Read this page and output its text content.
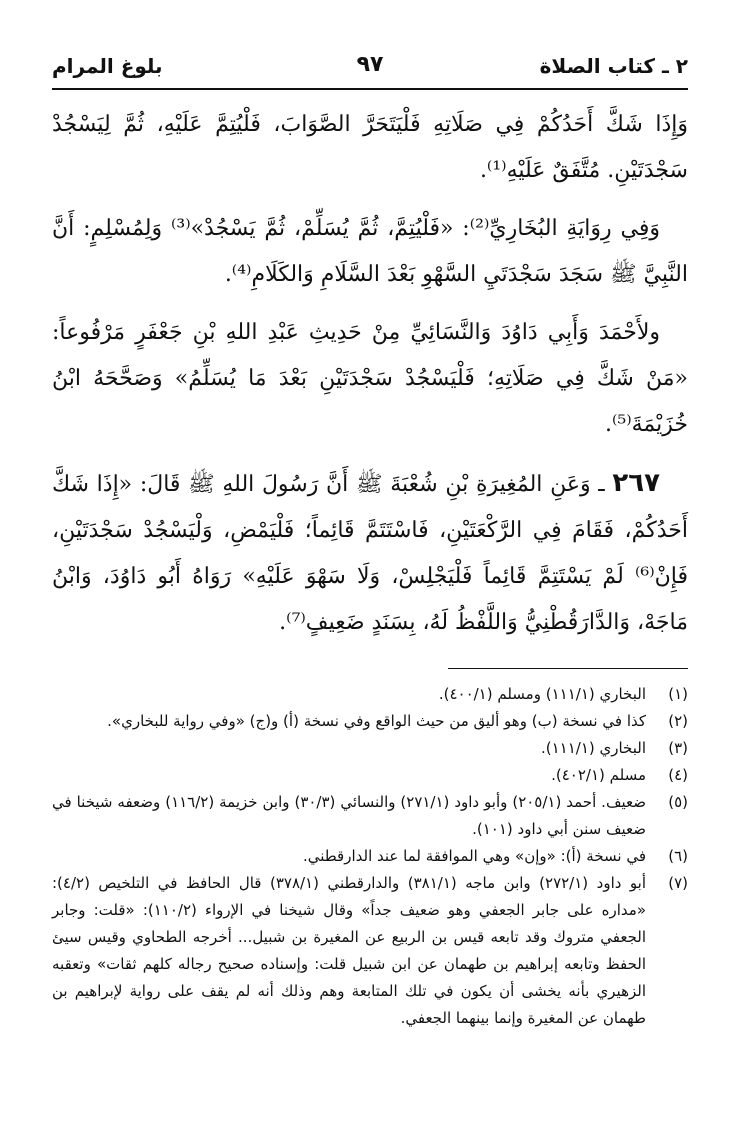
٢ ـ كتاب الصلاة
٩٧
بلوغ المرام

وَإِذَا شَكَّ أَحَدُكُمْ فِي صَلَاتِهِ فَلْيَتَحَرَّ الصَّوَابَ، فَلْيُتِمَّ عَلَيْهِ، ثُمَّ لِيَسْجُدْ سَجْدَتَيْنِ. مُتَّفَقٌ عَلَيْهِ⁽¹⁾.

وَفِي رِوَايَةِ البُخَارِيِّ⁽²⁾: «فَلْيُتِمَّ، ثُمَّ يُسَلِّمْ، ثُمَّ يَسْجُدْ»⁽³⁾ وَلِمُسْلِمٍ: أَنَّ النَّبِيَّ ﷺ سَجَدَ سَجْدَتَيِ السَّهْوِ بَعْدَ السَّلَامِ وَالكَلَامِ⁽⁴⁾.

ولأَحْمَدَ وَأَبِي دَاوُدَ وَالنَّسَائِيِّ مِنْ حَدِيثِ عَبْدِ اللهِ بْنِ جَعْفَرٍ مَرْفُوعاً: «مَنْ شَكَّ فِي صَلَاتِهِ؛ فَلْيَسْجُدْ سَجْدَتَيْنِ بَعْدَ مَا يُسَلِّمُ» وَصَحَّحَهُ ابْنُ خُزَيْمَةَ⁽⁵⁾.

٢٦٧ ـ وَعَنِ المُغِيرَةِ بْنِ شُعْبَةَ ﷺ أَنَّ رَسُولَ اللهِ ﷺ قَالَ: «إِذَا شَكَّ أَحَدُكُمْ، فَقَامَ فِي الرَّكْعَتَيْنِ، فَاسْتَتَمَّ قَائِماً؛ فَلْيَمْضِ، وَلْيَسْجُدْ سَجْدَتَيْنِ، فَإِنْ⁽⁶⁾ لَمْ يَسْتَتِمَّ قَائِماً فَلْيَجْلِسْ، وَلَا سَهْوَ عَلَيْهِ» رَوَاهُ أَبُو دَاوُدَ، وَابْنُ مَاجَهْ، وَالدَّارَقُطْنِيُّ وَاللَّفْظُ لَهُ، بِسَنَدٍ ضَعِيفٍ⁽⁷⁾.

(١)
البخاري (١١١/١) ومسلم (٤٠٠/١).
(٢)
كذا في نسخة (ب) وهو أليق من حيث الواقع وفي نسخة (أ) و(ج) «وفي رواية للبخاري».
(٣)
البخاري (١١١/١).
(٤)
مسلم (٤٠٢/١).
(٥)
ضعيف. أحمد (٢٠٥/١) وأبو داود (٢٧١/١) والنسائي (٣٠/٣) وابن خزيمة (١١٦/٢) وضعفه شيخنا في ضعيف سنن أبي داود (١٠١).
(٦)
في نسخة (أ): «وإن» وهي الموافقة لما عند الدارقطني.
(٧)
أبو داود (٢٧٢/١) وابن ماجه (٣٨١/١) والدارقطني (٣٧٨/١) قال الحافظ في التلخيص (٤/٢): «مداره على جابر الجعفي وهو ضعيف جداً» وقال شيخنا في الإرواء (١١٠/٢): «قلت: وجابر الجعفي متروك وقد تابعه قيس بن الربيع عن المغيرة بن شبيل... أخرجه الطحاوي وقيس سيئ الحفظ وتابعه إبراهيم بن طهمان عن ابن شبيل قلت: وإسناده صحيح رجاله كلهم ثقات» وتعقبه الزهيري بأنه يخشى أن يكون في تلك المتابعة وهم وذلك أنه لم يقف على رواية لإبراهيم بن طهمان عن المغيرة وإنما بينهما الجعفي.
